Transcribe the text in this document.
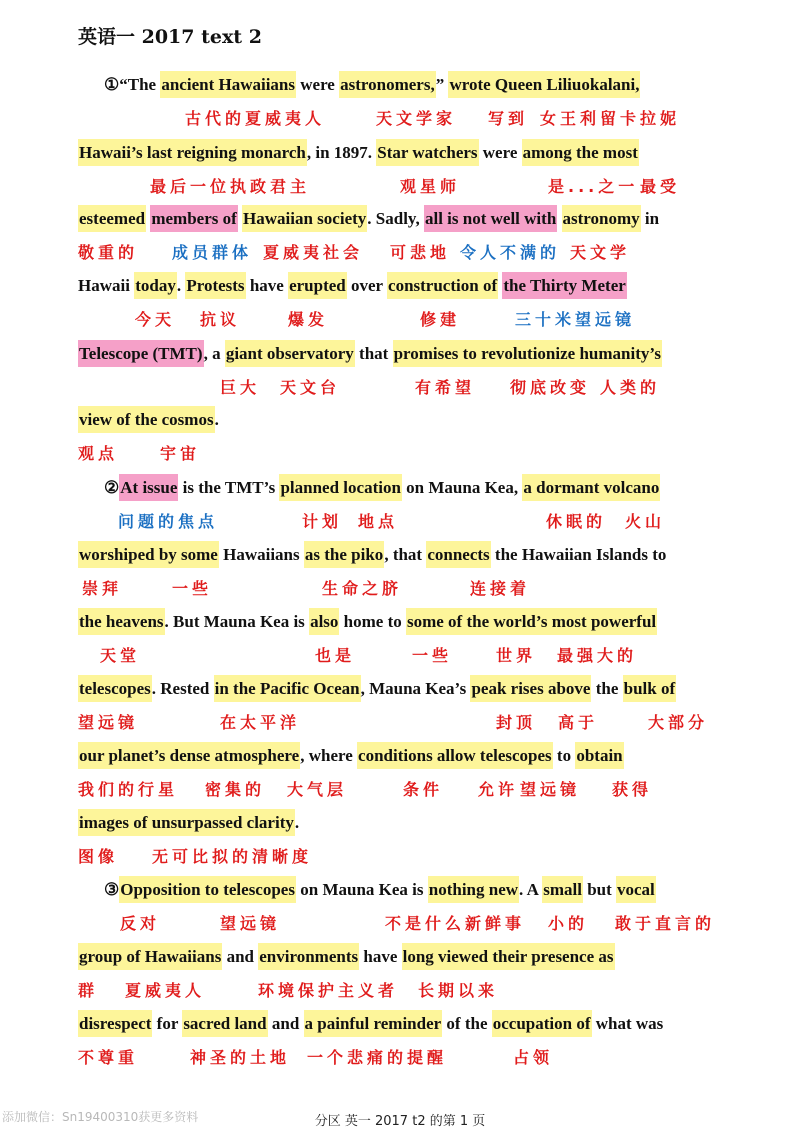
英语一 2017 text 2
①“The ancient Hawaiians were astronomers,” wrote Queen Liliuokalani,
Hawaii’s last reigning monarch, in 1897. Star watchers were among the most
esteemed members of Hawaiian society. Sadly, all is not well with astronomy in
Hawaii today. Protests have erupted over construction of the Thirty Meter
Telescope (TMT), a giant observatory that promises to revolutionize humanity’s
view of the cosmos.
②At issue is the TMT’s planned location on Mauna Kea, a dormant volcano
worshiped by some Hawaiians as the piko, that connects the Hawaiian Islands to
the heavens. But Mauna Kea is also home to some of the world’s most powerful
telescopes. Rested in the Pacific Ocean, Mauna Kea’s peak rises above the bulk of
our planet’s dense atmosphere, where conditions allow telescopes to obtain
images of unsurpassed clarity.
③Opposition to telescopes on Mauna Kea is nothing new. A small but vocal
group of Hawaiians and environments have long viewed their presence as
disrespect for sacred land and a painful reminder of the occupation of what was
古代的夏威夷人	天文学家 写到 女王利留卡拉妮
最后一位执政君主	观星师	是...之一 最受
敬重的 成员群体 夏威夷社会 可悲地 令人不满的 天文学
今天 抗议	爆发	修建	三十米望远镜
巨大 天文台	有希望 彻底改变 人类的
观点	宇宙
问题的焦点	计划 地点	休眠的 火山
崇拜	一些	生命之脐	连接着
天堂	也是	一些	世界 最强大的
望远镜	在太平洋	封顶 高于	大部分
我们的行星 密集的 大气层	条件 允许 望远镜 获得
图像 无可比拟的清晰度
反对	望远镜	不是什么新鲜事 小的 敢于直言的
群 夏威夷人	环境保护主义者 长期以来
不尊重	神圣的土地 一个悲痛的提醒	占领
分区 英一 2017 t2 的第 1 页
添加微信：Sn19400310获更多资料
